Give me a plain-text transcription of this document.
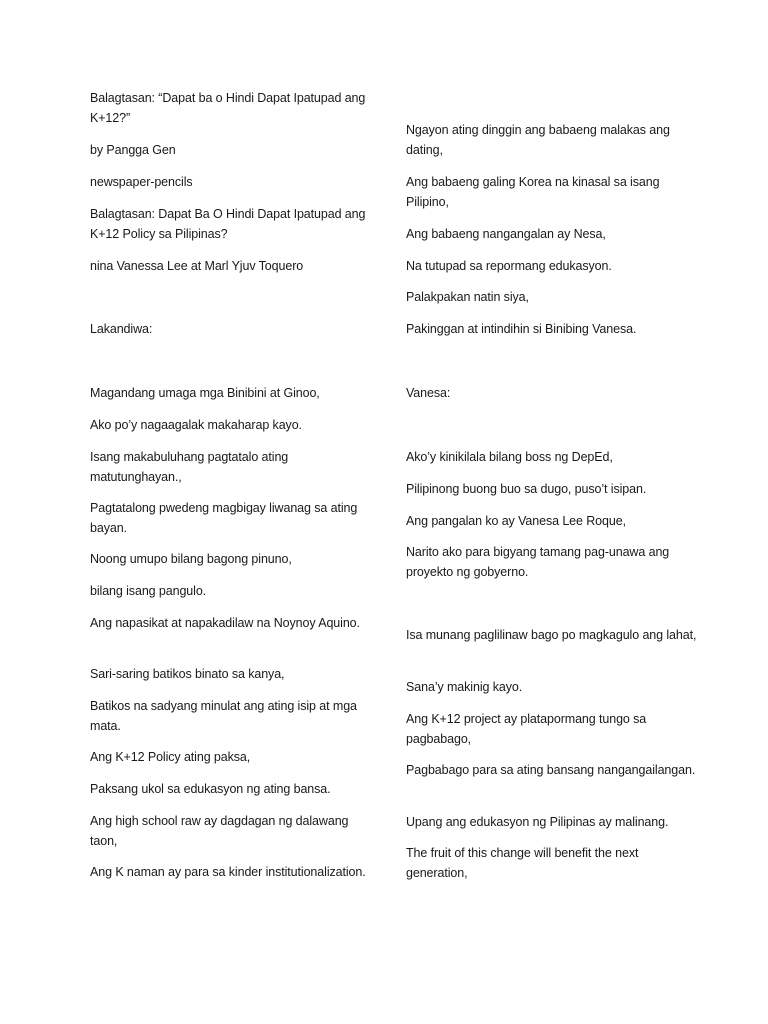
Balagtasan: “Dapat ba o Hindi Dapat Ipatupad ang K+12?”

by Pangga Gen

newspaper-pencils

Balagtasan: Dapat Ba O Hindi Dapat Ipatupad ang K+12 Policy sa Pilipinas?

nina Vanessa Lee at Marl Yjuv Toquero

Lakandiwa:

Magandang umaga mga Binibini at Ginoo,

Ako po’y nagaagalak makaharap kayo.

Isang makabuluhang pagtatalo ating matutunghayan.,

Pagtatalong pwedeng magbigay liwanag sa ating bayan.

Noong umupo bilang bagong pinuno,

bilang isang pangulo.

Ang napasikat at napakadilaw na Noynoy Aquino.

Sari-saring batikos binato sa kanya,

Batikos na sadyang minulat ang ating isip at mga mata.

Ang K+12 Policy ating paksa,

Paksang ukol sa edukasyon ng ating bansa.

Ang high school raw ay dagdagan ng dalawang taon,

Ang K naman ay para sa kinder institutionalization.

Ngayon ating dinggin ang babaeng malakas ang dating,

Ang babaeng galing Korea na kinasal sa isang Pilipino,

Ang babaeng nangangalan ay Nesa,

Na tutupad sa repormang edukasyon.

Palakpakan natin siya,

Pakinggan at intindihin si Binibing Vanesa.

Vanesa:

Ako’y kinikilala bilang boss ng DepEd,

Pilipinong buong buo sa dugo, puso’t isipan.

Ang pangalan ko ay Vanesa Lee Roque,

Narito ako para bigyang tamang pag-unawa ang proyekto ng gobyerno.

Isa munang paglilinaw bago po magkagulo ang lahat,

Sana’y makinig kayo.

Ang K+12 project ay platapormang tungo sa pagbabago,

Pagbabago para sa ating bansang nangangailangan.

Upang ang edukasyon ng Pilipinas ay malinang.

The fruit of this change will benefit the next generation,
